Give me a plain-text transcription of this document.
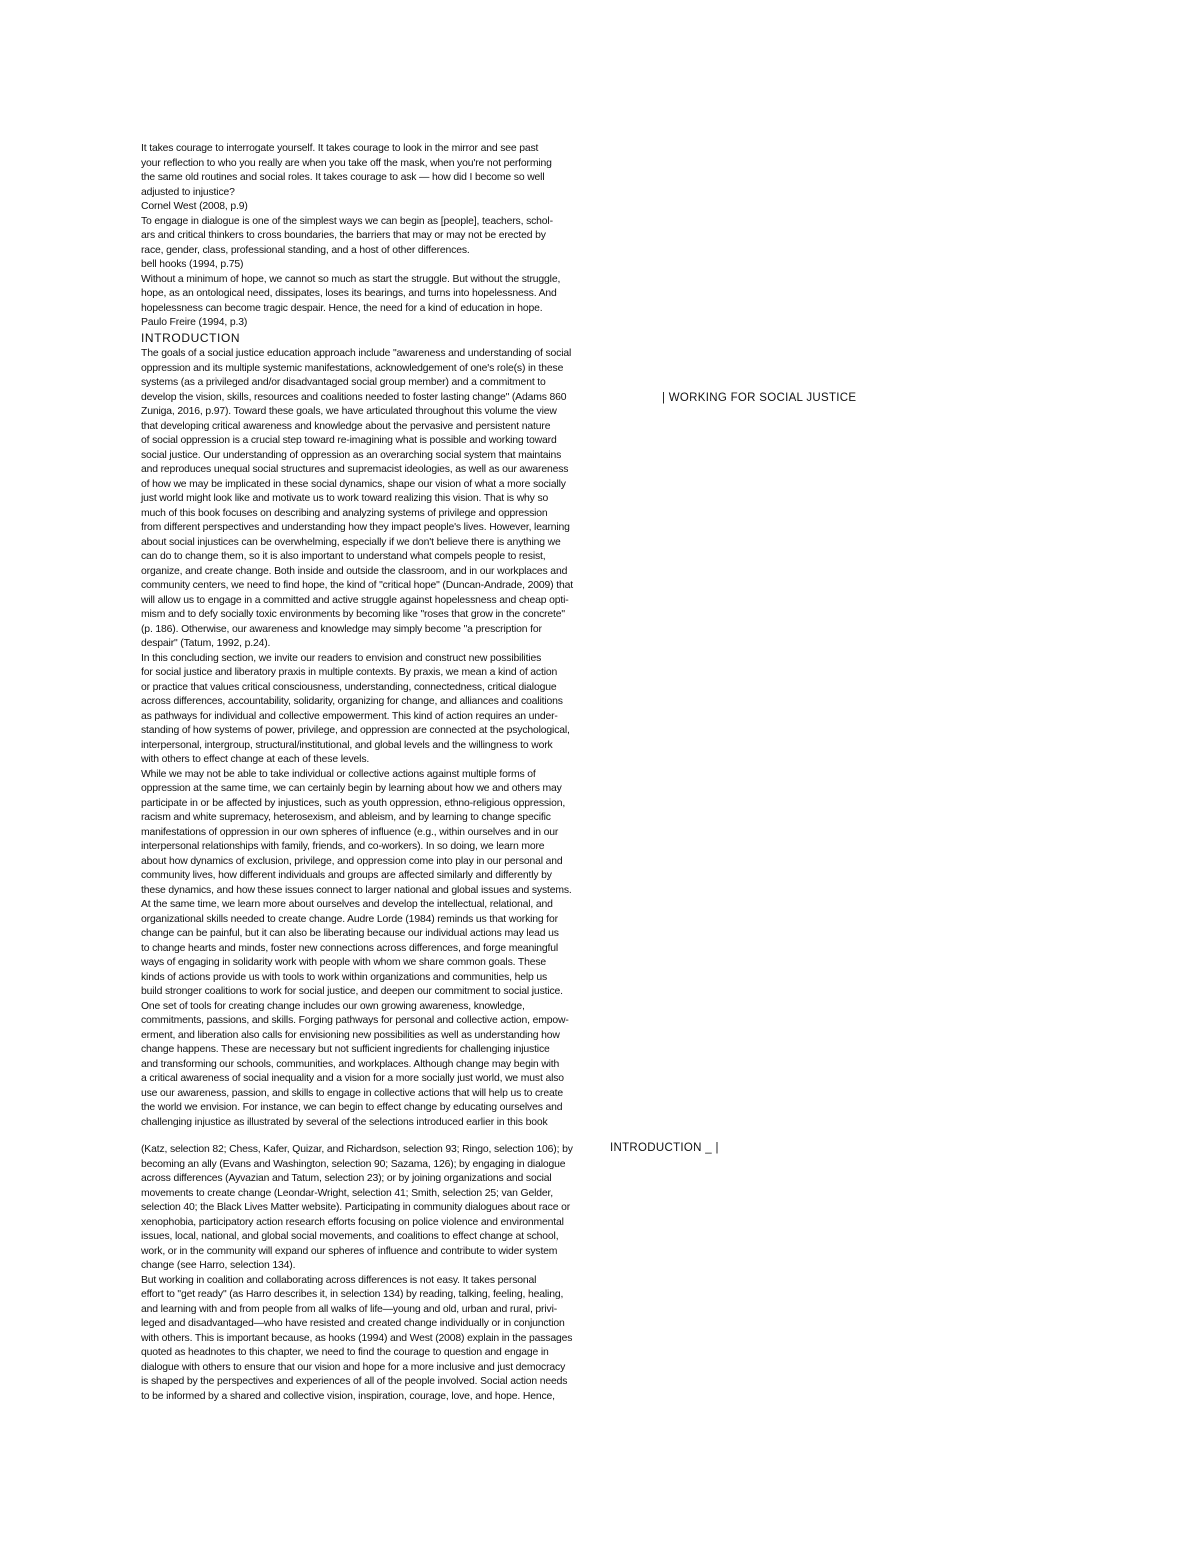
It takes courage to interrogate yourself. It takes courage to look in the mirror and see past
your reflection to who you really are when you take off the mask, when you're not performing
the same old routines and social roles. It takes courage to ask — how did I become so well
adjusted to injustice?
Cornel West (2008, p.9)
To engage in dialogue is one of the simplest ways we can begin as [people], teachers, schol-
ars and critical thinkers to cross boundaries, the barriers that may or may not be erected by
race, gender, class, professional standing, and a host of other differences.
bell hooks (1994, p.75)
Without a minimum of hope, we cannot so much as start the struggle. But without the struggle,
hope, as an ontological need, dissipates, loses its bearings, and turns into hopelessness. And
hopelessness can become tragic despair. Hence, the need for a kind of education in hope.
Paulo Freire (1994, p.3)
INTRODUCTION
| WORKING FOR SOCIAL JUSTICE
The goals of a social justice education approach include "awareness and understanding of social
oppression and its multiple systemic manifestations, acknowledgement of one's role(s) in these
systems (as a privileged and/or disadvantaged social group member) and a commitment to
develop the vision, skills, resources and coalitions needed to foster lasting change" (Adams 860
Zuniga, 2016, p.97). Toward these goals, we have articulated throughout this volume the view
that developing critical awareness and knowledge about the pervasive and persistent nature
of social oppression is a crucial step toward re-imagining what is possible and working toward
social justice. Our understanding of oppression as an overarching social system that maintains
and reproduces unequal social structures and supremacist ideologies, as well as our awareness
of how we may be implicated in these social dynamics, shape our vision of what a more socially
just world might look like and motivate us to work toward realizing this vision. That is why so
much of this book focuses on describing and analyzing systems of privilege and oppression
from different perspectives and understanding how they impact people's lives. However, learning
about social injustices can be overwhelming, especially if we don't believe there is anything we
can do to change them, so it is also important to understand what compels people to resist,
organize, and create change. Both inside and outside the classroom, and in our workplaces and
community centers, we need to find hope, the kind of "critical hope" (Duncan-Andrade, 2009) that
will allow us to engage in a committed and active struggle against hopelessness and cheap opti-
mism and to defy socially toxic environments by becoming like "roses that grow in the concrete"
(p. 186). Otherwise, our awareness and knowledge may simply become "a prescription for
despair" (Tatum, 1992, p.24).
In this concluding section, we invite our readers to envision and construct new possibilities
for social justice and liberatory praxis in multiple contexts. By praxis, we mean a kind of action
or practice that values critical consciousness, understanding, connectedness, critical dialogue
across differences, accountability, solidarity, organizing for change, and alliances and coalitions
as pathways for individual and collective empowerment. This kind of action requires an under-
standing of how systems of power, privilege, and oppression are connected at the psychological,
interpersonal, intergroup, structural/institutional, and global levels and the willingness to work
with others to effect change at each of these levels.
While we may not be able to take individual or collective actions against multiple forms of
oppression at the same time, we can certainly begin by learning about how we and others may
participate in or be affected by injustices, such as youth oppression, ethno-religious oppression,
racism and white supremacy, heterosexism, and ableism, and by learning to change specific
manifestations of oppression in our own spheres of influence (e.g., within ourselves and in our
interpersonal relationships with family, friends, and co-workers). In so doing, we learn more
about how dynamics of exclusion, privilege, and oppression come into play in our personal and
community lives, how different individuals and groups are affected similarly and differently by
these dynamics, and how these issues connect to larger national and global issues and systems.
At the same time, we learn more about ourselves and develop the intellectual, relational, and
organizational skills needed to create change. Audre Lorde (1984) reminds us that working for
change can be painful, but it can also be liberating because our individual actions may lead us
to change hearts and minds, foster new connections across differences, and forge meaningful
ways of engaging in solidarity work with people with whom we share common goals. These
kinds of actions provide us with tools to work within organizations and communities, help us
build stronger coalitions to work for social justice, and deepen our commitment to social justice.
One set of tools for creating change includes our own growing awareness, knowledge,
commitments, passions, and skills. Forging pathways for personal and collective action, empow-
erment, and liberation also calls for envisioning new possibilities as well as understanding how
change happens. These are necessary but not sufficient ingredients for challenging injustice
and transforming our schools, communities, and workplaces. Although change may begin with
a critical awareness of social inequality and a vision for a more socially just world, we must also
use our awareness, passion, and skills to engage in collective actions that will help us to create
the world we envision. For instance, we can begin to effect change by educating ourselves and
challenging injustice as illustrated by several of the selections introduced earlier in this book
INTRODUCTION _ |
(Katz, selection 82; Chess, Kafer, Quizar, and Richardson, selection 93; Ringo, selection 106); by
becoming an ally (Evans and Washington, selection 90; Sazama, 126); by engaging in dialogue
across differences (Ayvazian and Tatum, selection 23); or by joining organizations and social
movements to create change (Leondar-Wright, selection 41; Smith, selection 25; van Gelder,
selection 40; the Black Lives Matter website). Participating in community dialogues about race or
xenophobia, participatory action research efforts focusing on police violence and environmental
issues, local, national, and global social movements, and coalitions to effect change at school,
work, or in the community will expand our spheres of influence and contribute to wider system
change (see Harro, selection 134).
But working in coalition and collaborating across differences is not easy. It takes personal
effort to "get ready" (as Harro describes it, in selection 134) by reading, talking, feeling, healing,
and learning with and from people from all walks of life—young and old, urban and rural, privi-
leged and disadvantaged—who have resisted and created change individually or in conjunction
with others. This is important because, as hooks (1994) and West (2008) explain in the passages
quoted as headnotes to this chapter, we need to find the courage to question and engage in
dialogue with others to ensure that our vision and hope for a more inclusive and just democracy
is shaped by the perspectives and experiences of all of the people involved. Social action needs
to be informed by a shared and collective vision, inspiration, courage, love, and hope. Hence,
